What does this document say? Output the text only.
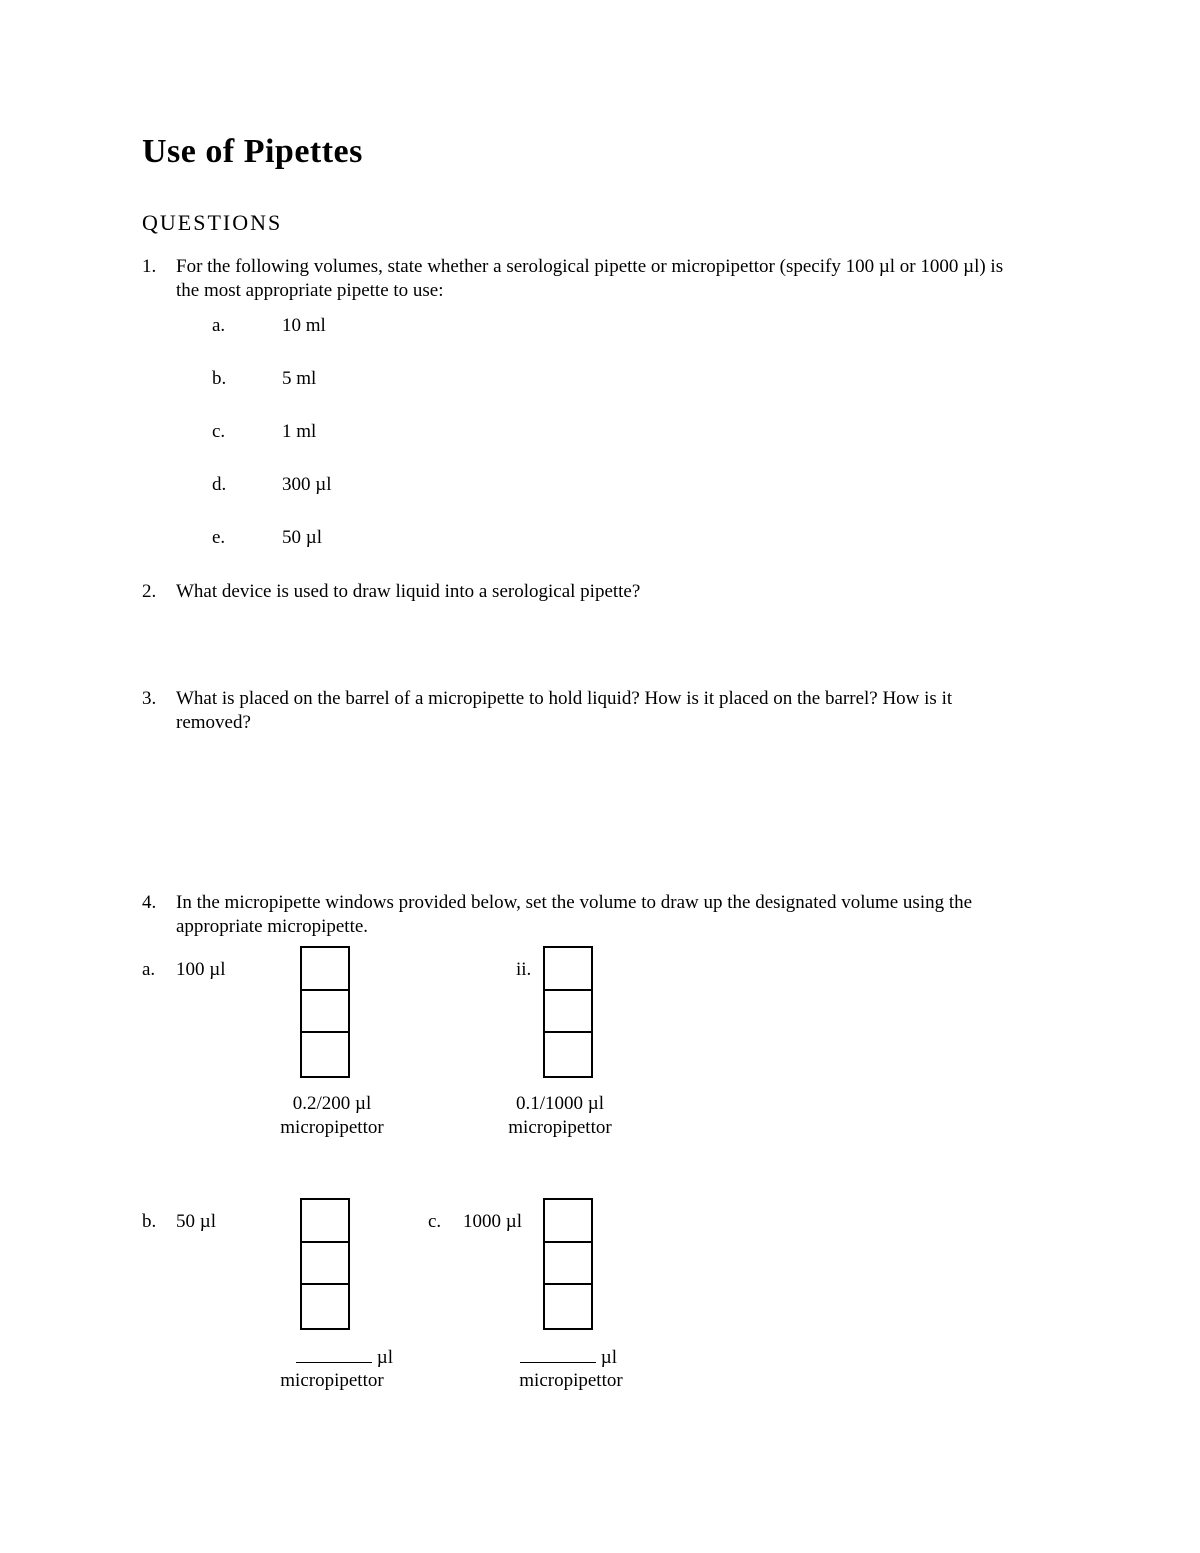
Use of Pipettes
QUESTIONS
1. For the following volumes, state whether a serological pipette or micropipettor (specify 100 µl or 1000 µl) is
the most appropriate pipette to use:
a.	10 ml
b.	5 ml
c.	1 ml
d.	300 µl
e.	50 µl
2. What device is used to draw liquid into a serological pipette?
3. What is placed on the barrel of a micropipette to hold liquid? How is it placed on the barrel? How is it
removed?
4. In the micropipette windows provided below, set the volume to draw up the designated volume using the
appropriate micropipette.
a. 100 µl
0.2/200 µl
micropipettor
ii.
0.1/1000 µl
micropipettor
b. 50 µl
µl
micropipettor
c. 1000 µl
µl
micropipettor
